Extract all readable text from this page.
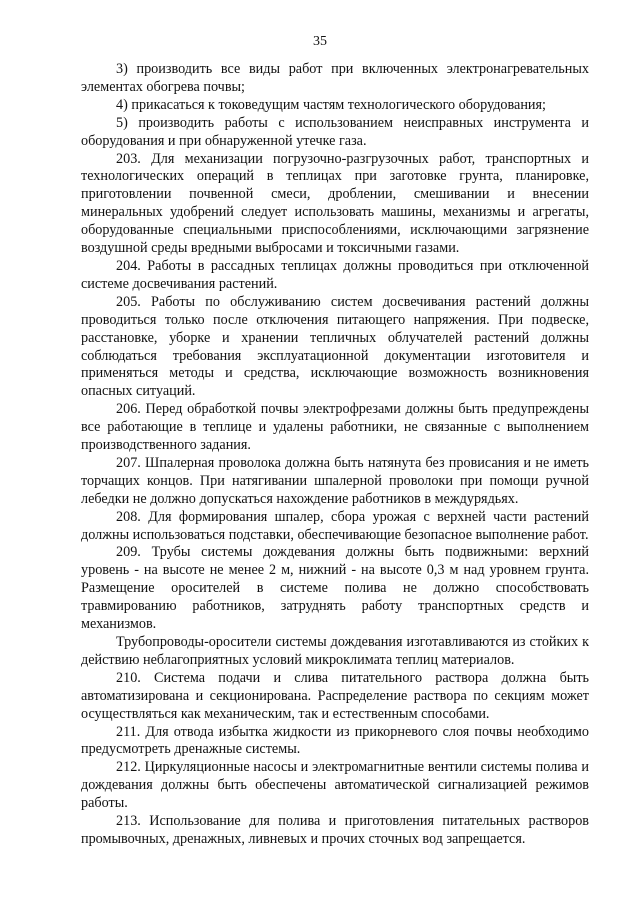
35

3) производить все виды работ при включенных электронагревательных элементах обогрева почвы;

4) прикасаться к токоведущим частям технологического оборудования;

5) производить работы с использованием неисправных инструмента и оборудования и при обнаруженной утечке газа.

203. Для механизации погрузочно-разгрузочных работ, транспортных и технологических операций в теплицах при заготовке грунта, планировке, приготовлении почвенной смеси, дроблении, смешивании и внесении минеральных удобрений следует использовать машины, механизмы и агрегаты, оборудованные специальными приспособлениями, исключающими загрязнение воздушной среды вредными выбросами и токсичными газами.

204. Работы в рассадных теплицах должны проводиться при отключенной системе досвечивания растений.

205. Работы по обслуживанию систем досвечивания растений должны проводиться только после отключения питающего напряжения. При подвеске, расстановке, уборке и хранении тепличных облучателей растений должны соблюдаться требования эксплуатационной документации изготовителя и применяться методы и средства, исключающие возможность возникновения опасных ситуаций.

206. Перед обработкой почвы электрофрезами должны быть предупреждены все работающие в теплице и удалены работники, не связанные с выполнением производственного задания.

207. Шпалерная проволока должна быть натянута без провисания и не иметь торчащих концов. При натягивании шпалерной проволоки при помощи ручной лебедки не должно допускаться нахождение работников в междурядьях.

208. Для формирования шпалер, сбора урожая с верхней части растений должны использоваться подставки, обеспечивающие безопасное выполнение работ.

209. Трубы системы дождевания должны быть подвижными: верхний уровень - на высоте не менее 2 м, нижний - на высоте 0,3 м над уровнем грунта. Размещение оросителей в системе полива не должно способствовать травмированию работников, затруднять работу транспортных средств и механизмов.

Трубопроводы-оросители системы дождевания изготавливаются из стойких к действию неблагоприятных условий микроклимата теплиц материалов.

210. Система подачи и слива питательного раствора должна быть автоматизирована и секционирована. Распределение раствора по секциям может осуществляться как механическим, так и естественным способами.

211. Для отвода избытка жидкости из прикорневого слоя почвы необходимо предусмотреть дренажные системы.

212. Циркуляционные насосы и электромагнитные вентили системы полива и дождевания должны быть обеспечены автоматической сигнализацией режимов работы.

213. Использование для полива и приготовления питательных растворов промывочных, дренажных, ливневых и прочих сточных вод запрещается.
